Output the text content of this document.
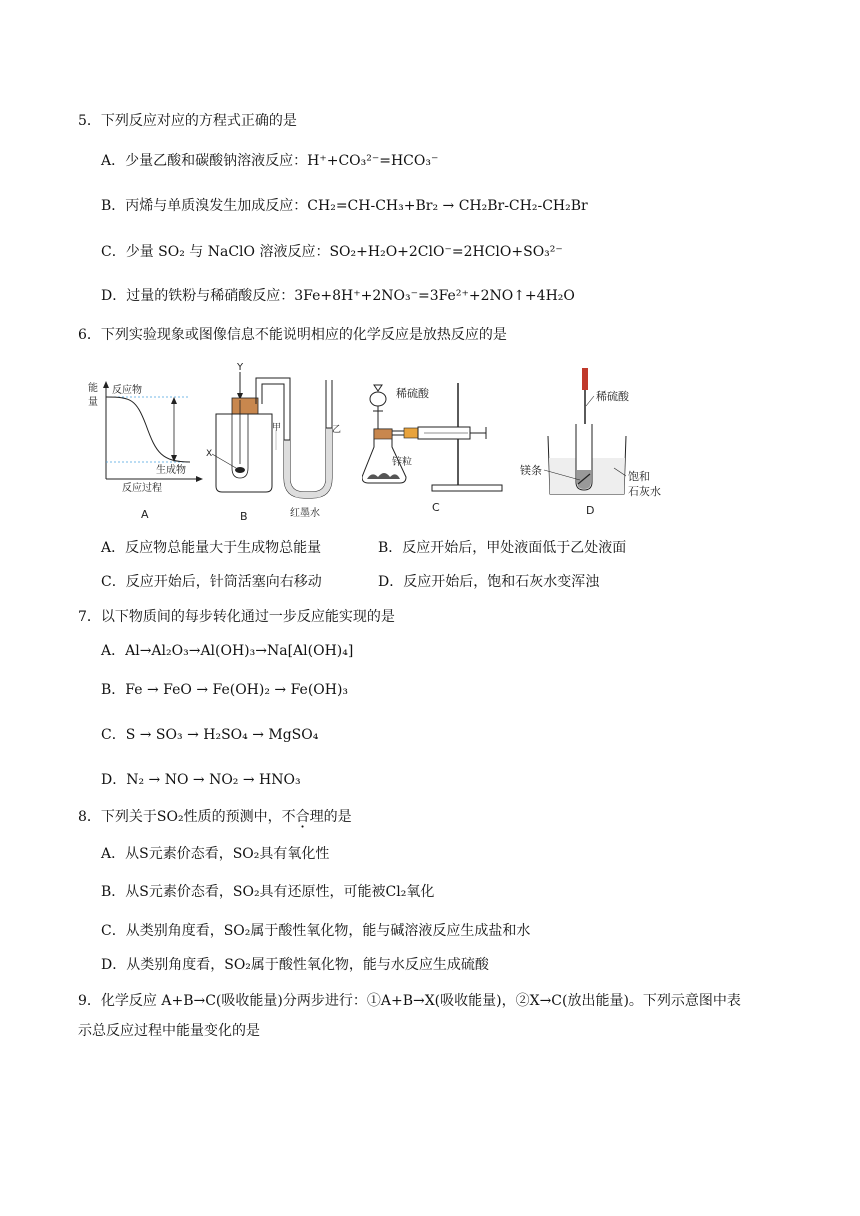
5．下列反应对应的方程式正确的是
A．少量乙酸和碳酸钠溶液反应：H⁺+CO₃²⁻=HCO₃⁻
B．丙烯与单质溴发生加成反应：CH₂=CH-CH₃+Br₂ → CH₂Br-CH₂-CH₂Br
C．少量 SO₂ 与 NaClO 溶液反应：SO₂+H₂O+2ClO⁻=2HClO+SO₃²⁻
D．过量的铁粉与稀硝酸反应：3Fe+8H⁺+2NO₃⁻=3Fe²⁺+2NO↑+4H₂O
6．下列实验现象或图像信息不能说明相应的化学反应是放热反应的是
能
量
反应物
生成物
反应过程
A
Y
X
甲	乙
红墨水
B
稀硫酸
锌粒
C
稀硫酸
镁条	饱和
石灰水
D
A．反应物总能量大于生成物总能量	B．反应开始后，甲处液面低于乙处液面
C．反应开始后，针筒活塞向右移动	D．反应开始后，饱和石灰水变浑浊
7．以下物质间的每步转化通过一步反应能实现的是
A．Al→Al₂O₃→Al(OH)₃→Na[Al(OH)₄]
B．Fe → FeO → Fe(OH)₂ → Fe(OH)₃
C．S → SO₃ → H₂SO₄ → MgSO₄
D．N₂ → NO → NO₂ → HNO₃
8．下列关于SO₂性质的预测中，不合理的是
A．从S元素价态看，SO₂具有氧化性
B．从S元素价态看，SO₂具有还原性，可能被Cl₂氧化
C．从类别角度看，SO₂属于酸性氧化物，能与碱溶液反应生成盐和水
D．从类别角度看，SO₂属于酸性氧化物，能与水反应生成硫酸
9．化学反应 A+B→C(吸收能量)分两步进行：①A+B→X(吸收能量)，②X→C(放出能量)。下列示意图中表
示总反应过程中能量变化的是
